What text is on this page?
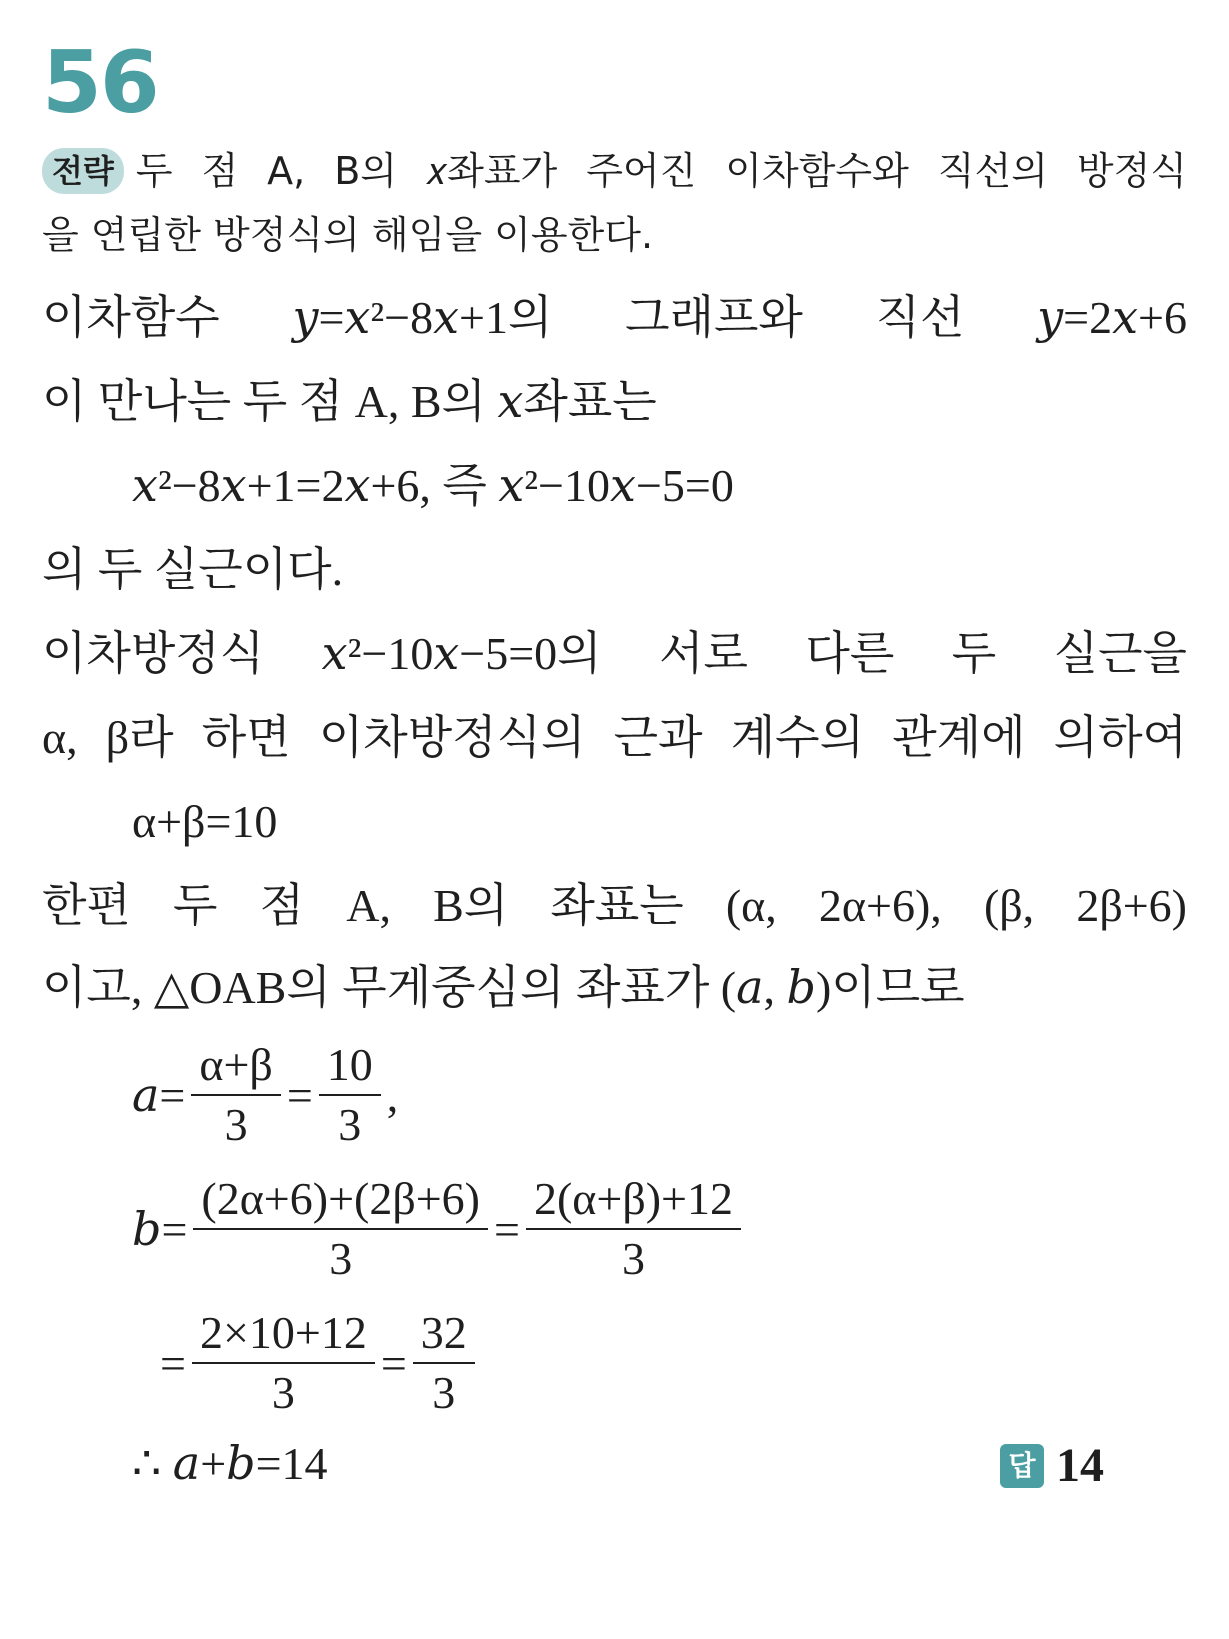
56
전략 두 점 A, B의 𝑥좌표가 주어진 이차함수와 직선의 방정식
을 연립한 방정식의 해임을 이용한다.
이차함수 𝑦=𝑥²−8𝑥+1의 그래프와 직선 𝑦=2𝑥+6
이 만나는 두 점 A, B의 𝑥좌표는
𝑥²−8𝑥+1=2𝑥+6, 즉 𝑥²−10𝑥−5=0
의 두 실근이다.
이차방정식 𝑥²−10𝑥−5=0의 서로 다른 두 실근을
α, β라 하면 이차방정식의 근과 계수의 관계에 의하여
α+β=10
한편 두 점 A, B의 좌표는 (α, 2α+6), (β, 2β+6)
이고, △OAB의 무게중심의 좌표가 (𝑎, 𝑏)이므로
𝑎= $\frac{\alpha+\beta}{3} = \frac{10}{3}$ ,
𝑏= $\frac{(2\alpha+6)+(2\beta+6)}{3} = \frac{2(\alpha+\beta)+12}{3}$
= $\frac{2\times 10+12}{3} = \frac{32}{3}$
∴ 𝑎+𝑏=14	답 14
